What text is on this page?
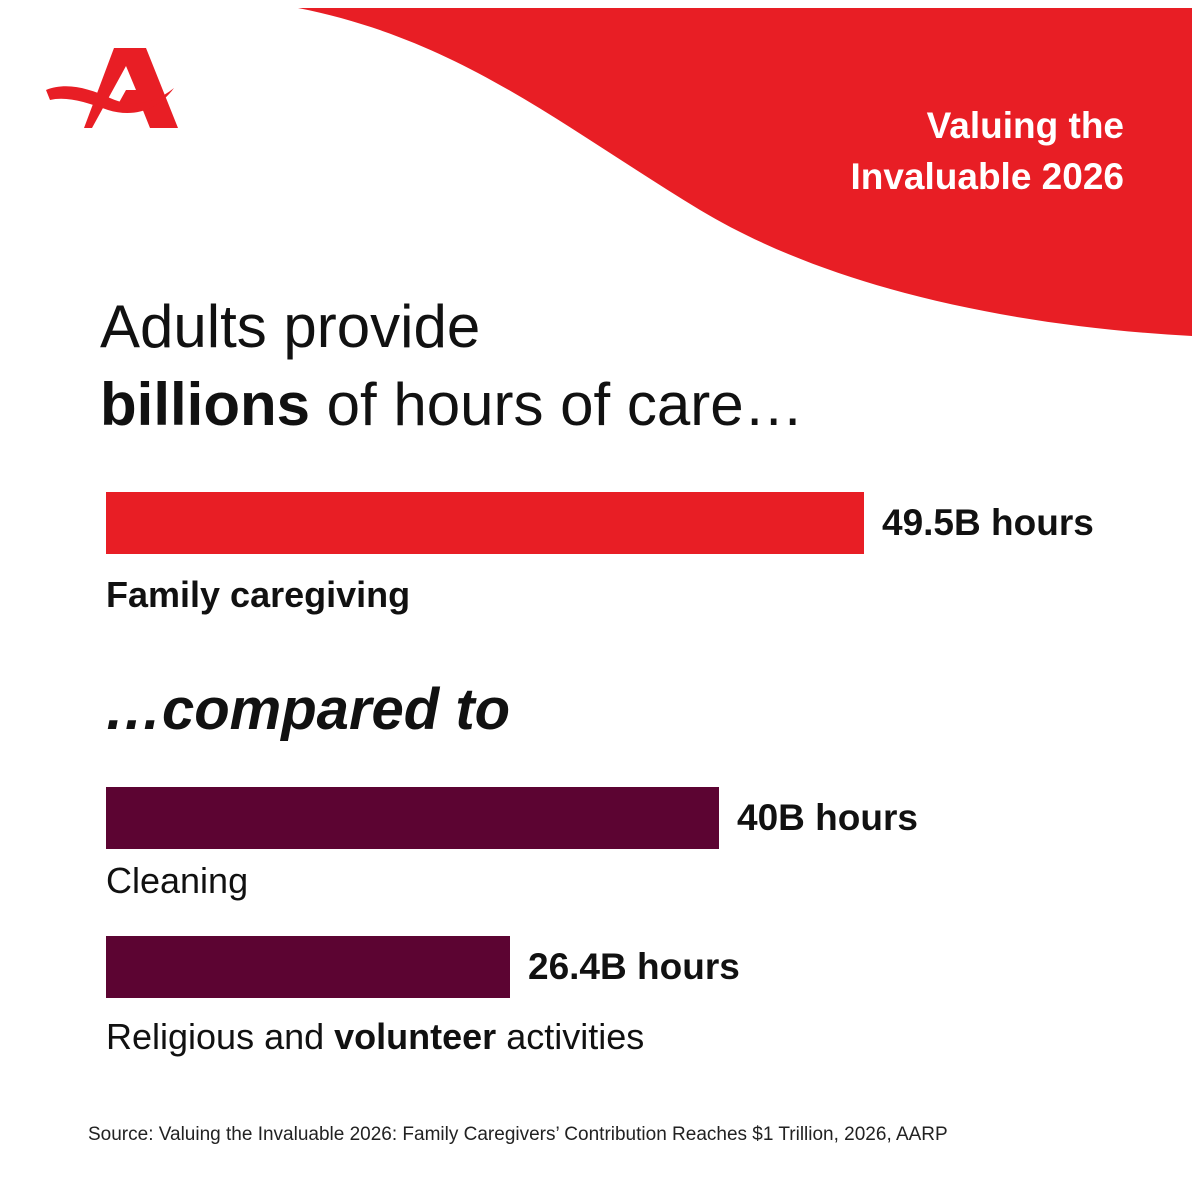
Valuing the
Invaluable 2026
Adults provide
billions of hours of care…
…compared to
49.5B hours
40B hours
26.4B hours
Family caregiving
Cleaning
Religious and volunteer activities
Source: Valuing the Invaluable 2026: Family Caregivers’ Contribution Reaches $1 Trillion, 2026, AARP
